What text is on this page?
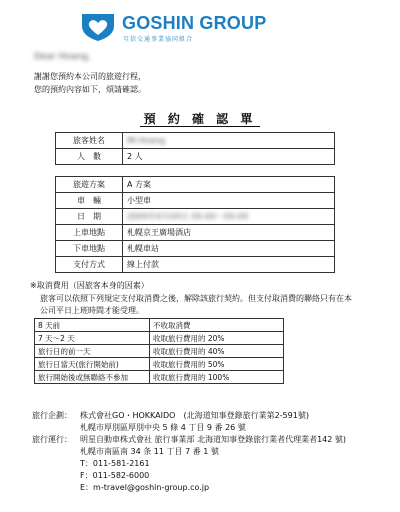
GOSHIN GROUP
互信交通事業協同組合
Dear Hoang,
謝謝您預約本公司的旅遊行程，
您的預約內容如下，煩請確認。
預 約 確 認 單
旅客姓名	Mr.Hoang
人　數	2 人
旅遊方案	A 方案
車　輛	小型車
日　期	20XX年X月XX日 XX:XX～XX:XX
上車地點	札幌京王廣場酒店
下車地點	札幌車站
支付方式	線上付款
※取消費用（因旅客本身的因素）
旅客可以依照下列規定支付取消費之後，解除該旅行契約。但支付取消費的聯絡只有在本
公司平日上班時間才能受理。
8 天前	不收取消費
7 天～2 天	收取旅行費用的 20%
旅行日的前一天	收取旅行費用的 40%
旅行日當天(旅行開始前)	收取旅行費用的 50%
旅行開始後或無聯絡不參加	收取旅行費用的 100%
旅行企劃： 株式會社GO・HOKKAIDO　(北海道知事登錄旅行業第2-591號)
札幌市厚別區厚別中央 5 條 4 丁目 9 番 26 號
旅行運行： 明星自動車株式會社 旅行事業部 北海道知事登錄旅行業者代理業者142 號)
札幌市南區南 34 条 11 丁目 7 番 1 號
T：011-581-2161
F：011-582-6000
E：m-travel@goshin-group.co.jp
